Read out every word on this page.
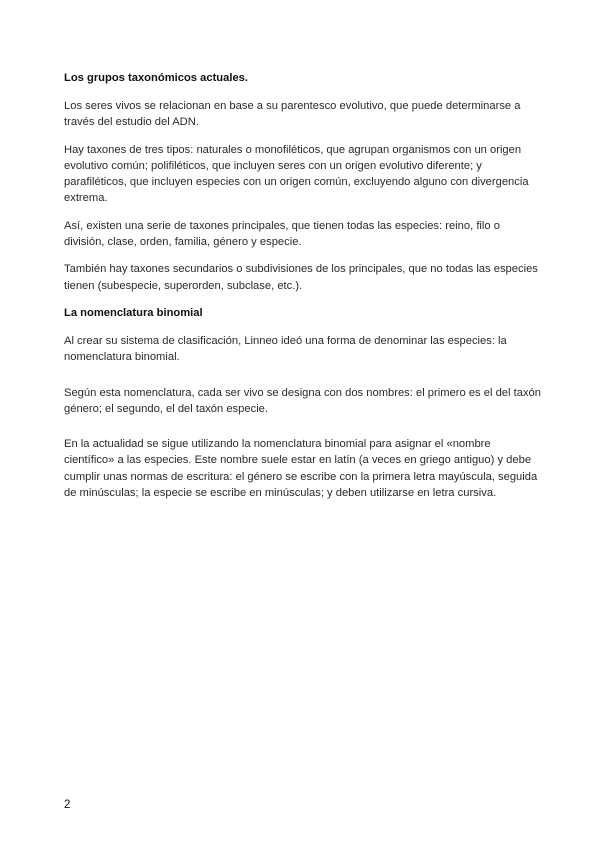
Los grupos taxonómicos actuales.

Los seres vivos se relacionan en base a su parentesco evolutivo, que puede determinarse a través del estudio del ADN.

Hay taxones de tres tipos: naturales o monofiléticos, que agrupan organismos con un origen evolutivo común; polifiléticos, que incluyen seres con un origen evolutivo diferente; y parafiléticos, que incluyen especies con un origen común, excluyendo alguno con divergencia extrema.

Así, existen una serie de taxones principales, que tienen todas las especies: reino, filo o división, clase, orden, familia, género y especie.

También hay taxones secundarios o subdivisiones de los principales, que no todas las especies tienen (subespecie, superorden, subclase, etc.).

La nomenclatura binomial

Al crear su sistema de clasificación, Linneo ideó una forma de denominar las especies: la nomenclatura binomial.

Según esta nomenclatura, cada ser vivo se designa con dos nombres: el primero es el del taxón género; el segundo, el del taxón especie.

En la actualidad se sigue utilizando la nomenclatura binomial para asignar el «nombre científico» a las especies. Este nombre suele estar en latín (a veces en griego antiguo) y debe cumplir unas normas de escritura: el género se escribe con la primera letra mayúscula, seguida de minúsculas; la especie se escribe en minúsculas; y deben utilizarse en letra cursiva.

2
